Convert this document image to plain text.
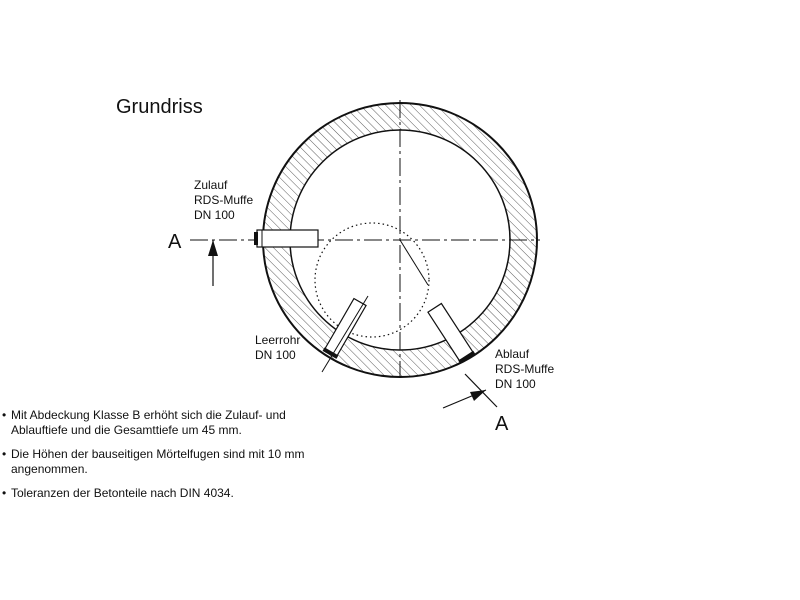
Grundriss
A
A
Zulauf
RDS-Muffe
DN 100
Leerrohr
DN 100	Ablauf
RDS-Muffe
DN 100
• Mit Abdeckung Klasse B erhöht sich die Zulauf- und
Ablauftiefe und die Gesamttiefe um 45 mm.
• Die Höhen der bauseitigen Mörtelfugen sind mit 10 mm
angenommen.
• Toleranzen der Betonteile nach DIN 4034.
